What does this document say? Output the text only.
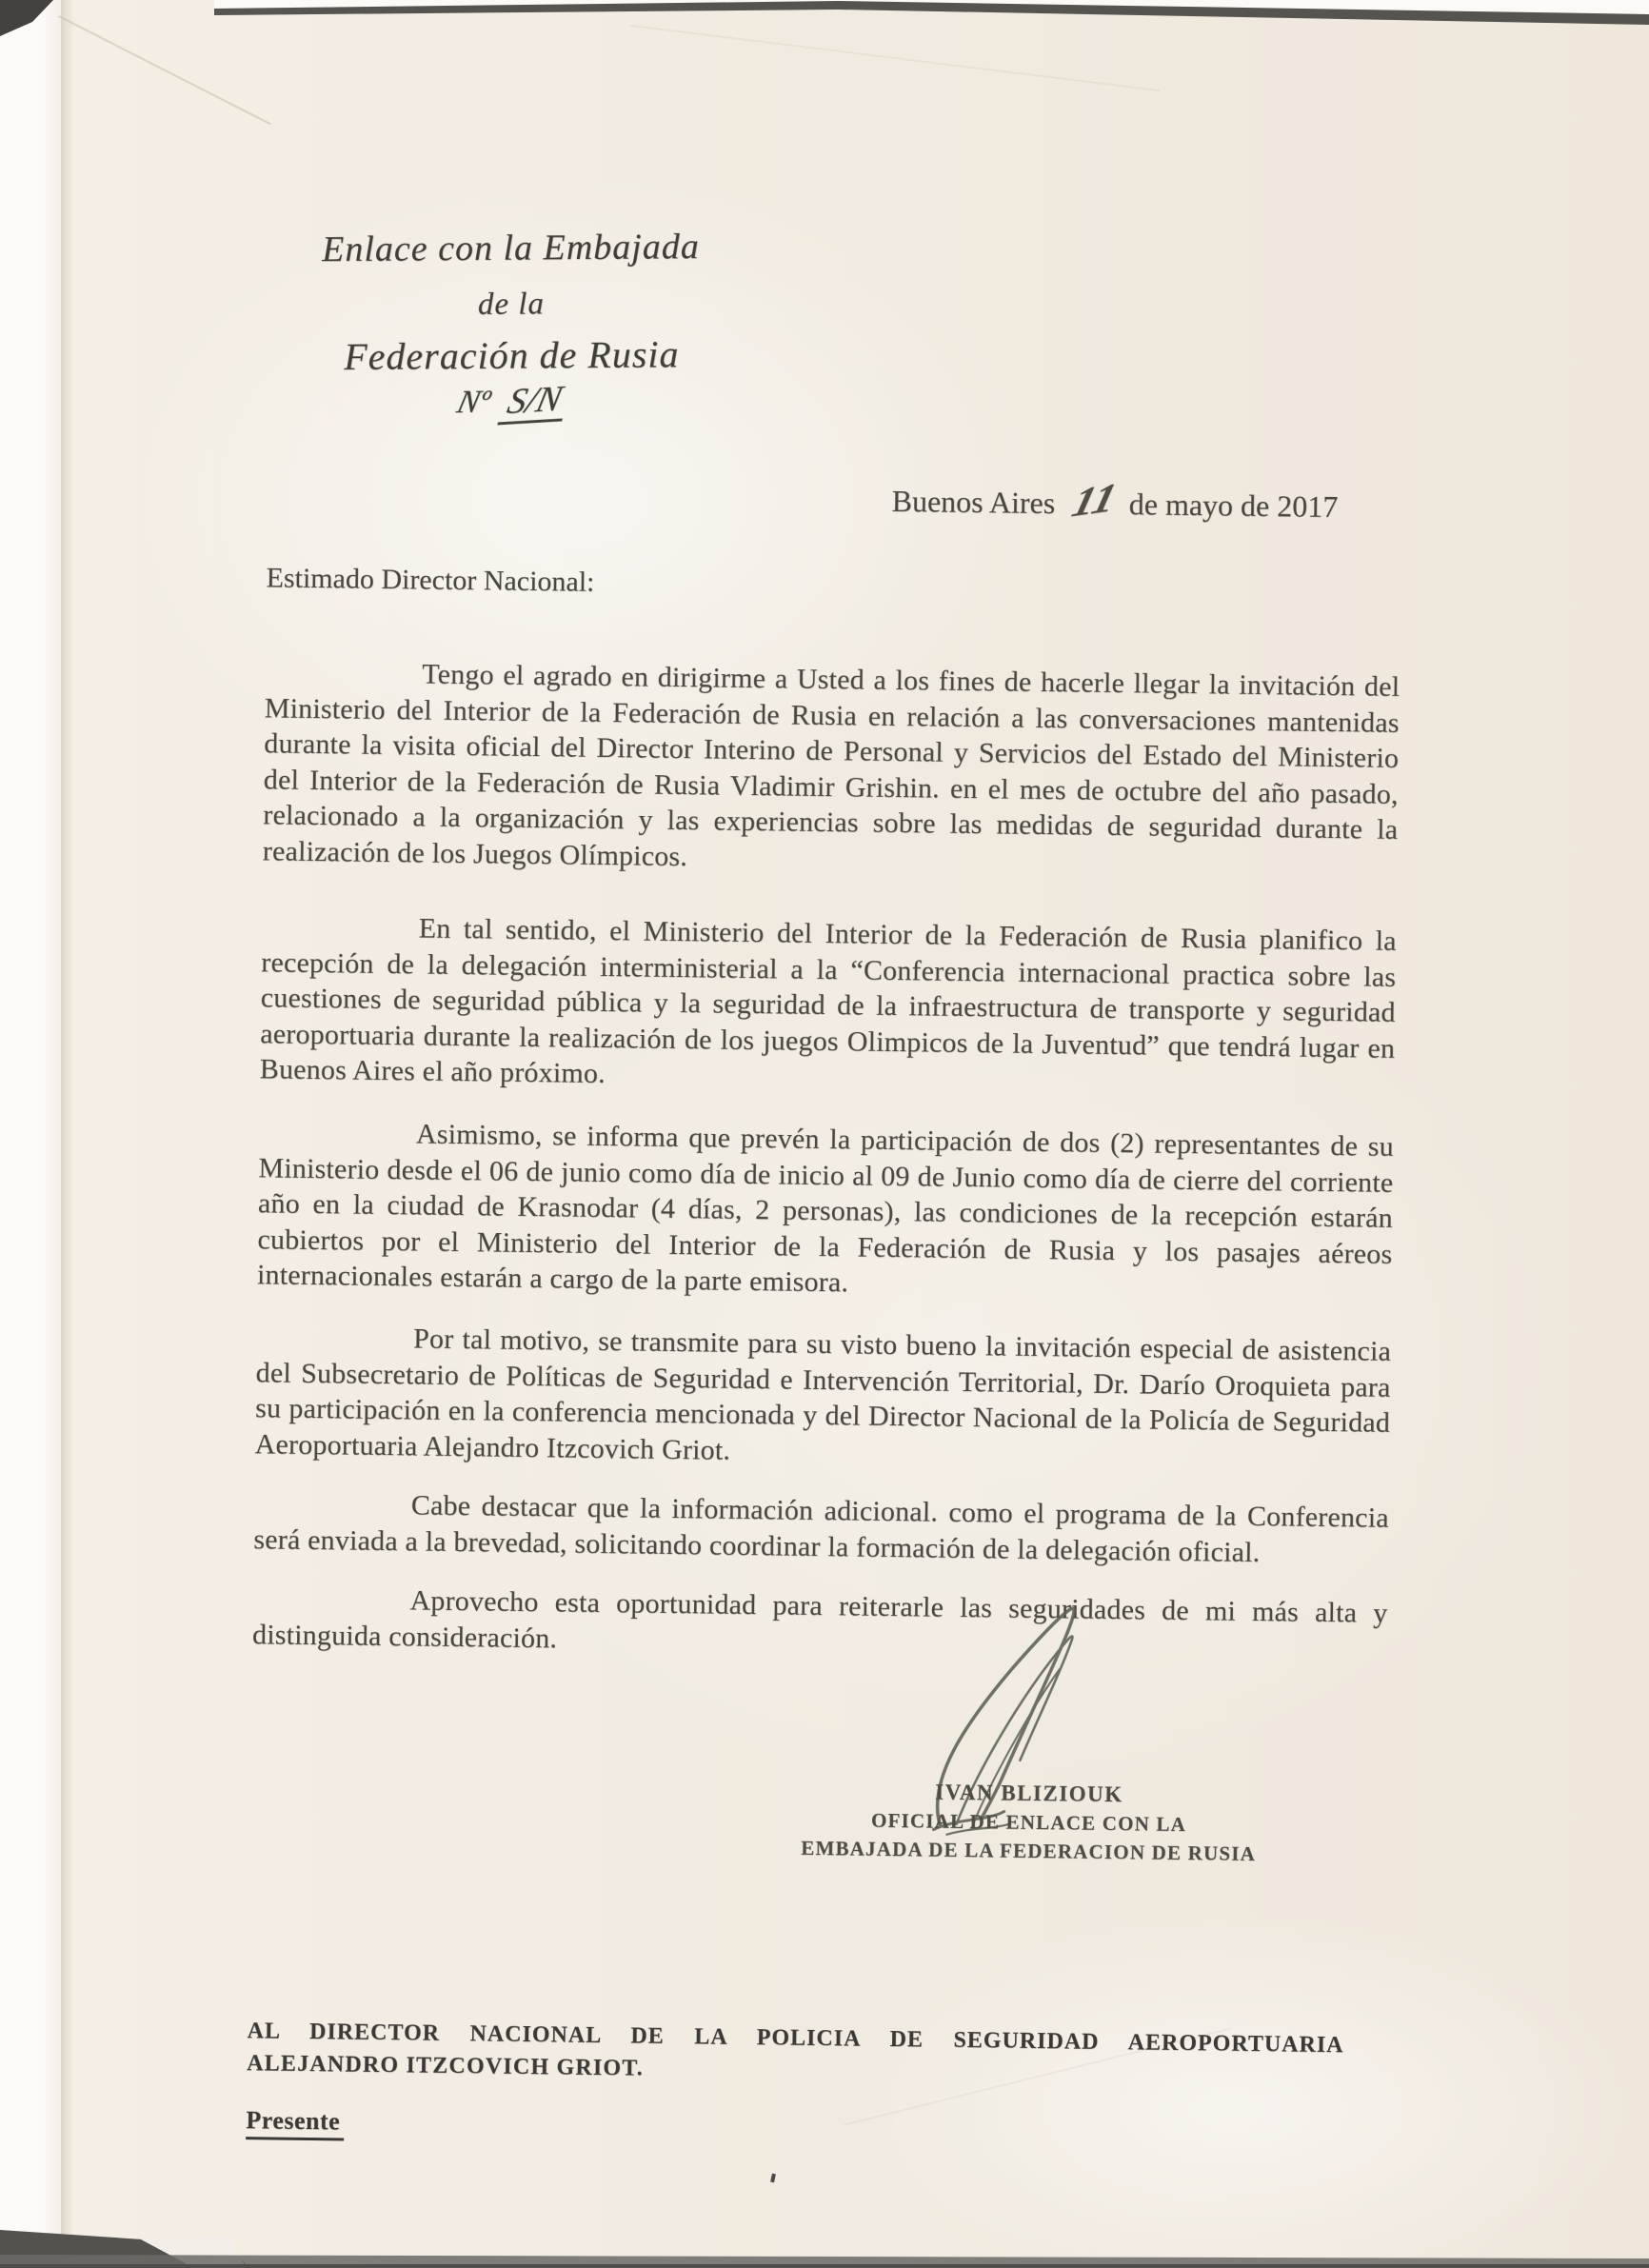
Enlace con la Embajada
de la
Federación de Rusia
Nº S/N
Buenos Aires 11 de mayo de 2017
Estimado Director Nacional:

Tengo el agrado en dirigirme a Usted a los fines de hacerle llegar la invitación del Ministerio del Interior de la Federación de Rusia en relación a las conversaciones mantenidas durante la visita oficial del Director Interino de Personal y Servicios del Estado del Ministerio del Interior de la Federación de Rusia Vladimir Grishin. en el mes de octubre del año pasado, relacionado a la organización y las experiencias sobre las medidas de seguridad durante la realización de los Juegos Olímpicos.

En tal sentido, el Ministerio del Interior de la Federación de Rusia planifico la recepción de la delegación interministerial a la “Conferencia internacional practica sobre las cuestiones de seguridad pública y la seguridad de la infraestructura de transporte y seguridad aeroportuaria durante la realización de los juegos Olimpicos de la Juventud” que tendrá lugar en Buenos Aires el año próximo.

Asimismo, se informa que prevén la participación de dos (2) representantes de su Ministerio desde el 06 de junio como día de inicio al 09 de Junio como día de cierre del corriente año en la ciudad de Krasnodar (4 días, 2 personas), las condiciones de la recepción estarán cubiertos por el Ministerio del Interior de la Federación de Rusia y los pasajes aéreos internacionales estarán a cargo de la parte emisora.

Por tal motivo, se transmite para su visto bueno la invitación especial de asistencia del Subsecretario de Políticas de Seguridad e Intervención Territorial, Dr. Darío Oroquieta para su participación en la conferencia mencionada y del Director Nacional de la Policía de Seguridad Aeroportuaria Alejandro Itzcovich Griot.

Cabe destacar que la información adicional. como el programa de la Conferencia será enviada a la brevedad, solicitando coordinar la formación de la delegación oficial.

Aprovecho esta oportunidad para reiterarle las seguridades de mi más alta y distinguida consideración.

IVAN BLIZIOUK
OFICIAL DE ENLACE CON LA
EMBAJADA DE LA FEDERACION DE RUSIA
AL DIRECTOR NACIONAL DE LA POLICIA DE SEGURIDAD AEROPORTUARIA
ALEJANDRO ITZCOVICH GRIOT.
Presente
